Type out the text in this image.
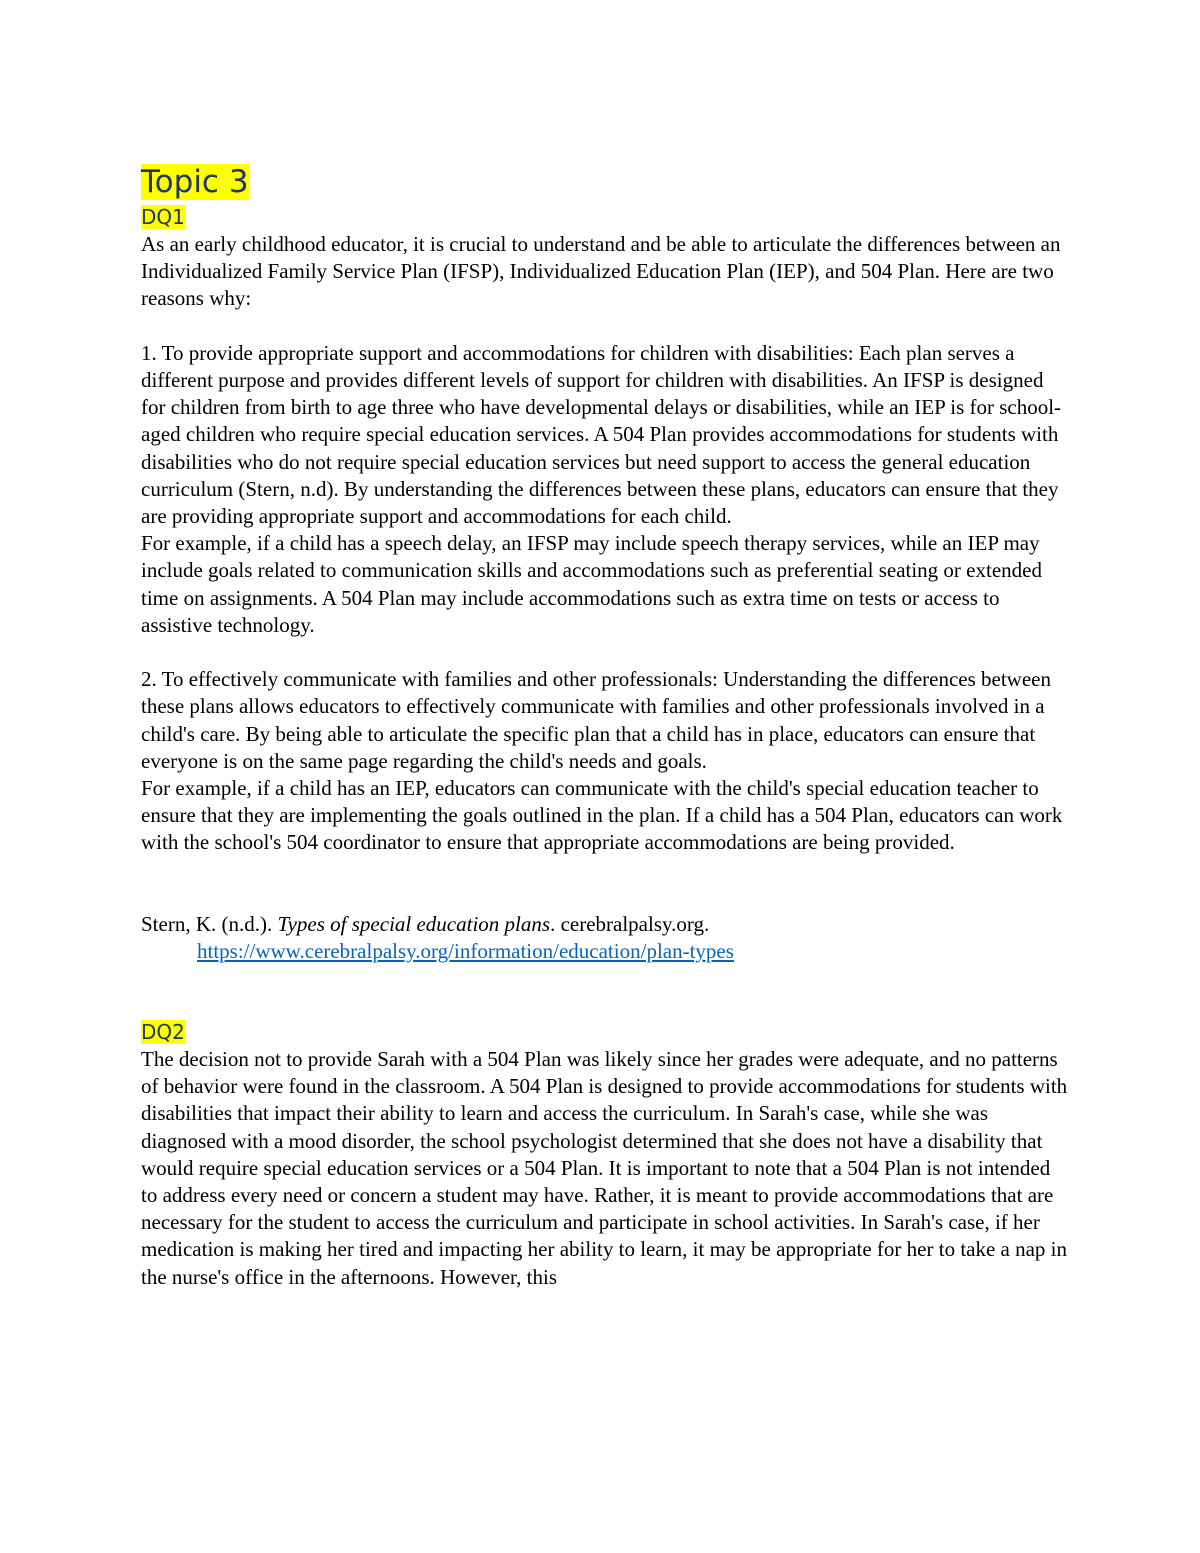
Topic 3
DQ1

As an early childhood educator, it is crucial to understand and be able to articulate the differences between an Individualized Family Service Plan (IFSP), Individualized Education Plan (IEP), and 504 Plan. Here are two reasons why:

1. To provide appropriate support and accommodations for children with disabilities: Each plan serves a different purpose and provides different levels of support for children with disabilities. An IFSP is designed for children from birth to age three who have developmental delays or disabilities, while an IEP is for school-aged children who require special education services. A 504 Plan provides accommodations for students with disabilities who do not require special education services but need support to access the general education curriculum (Stern, n.d). By understanding the differences between these plans, educators can ensure that they are providing appropriate support and accommodations for each child.

For example, if a child has a speech delay, an IFSP may include speech therapy services, while an IEP may include goals related to communication skills and accommodations such as preferential seating or extended time on assignments. A 504 Plan may include accommodations such as extra time on tests or access to assistive technology.

2. To effectively communicate with families and other professionals: Understanding the differences between these plans allows educators to effectively communicate with families and other professionals involved in a child's care. By being able to articulate the specific plan that a child has in place, educators can ensure that everyone is on the same page regarding the child's needs and goals.

For example, if a child has an IEP, educators can communicate with the child's special education teacher to ensure that they are implementing the goals outlined in the plan. If a child has a 504 Plan, educators can work with the school's 504 coordinator to ensure that appropriate accommodations are being provided.

Stern, K. (n.d.). Types of special education plans. cerebralpalsy.org.

https://www.cerebralpalsy.org/information/education/plan-types

DQ2

The decision not to provide Sarah with a 504 Plan was likely since her grades were adequate, and no patterns of behavior were found in the classroom. A 504 Plan is designed to provide accommodations for students with disabilities that impact their ability to learn and access the curriculum. In Sarah's case, while she was diagnosed with a mood disorder, the school psychologist determined that she does not have a disability that would require special education services or a 504 Plan. It is important to note that a 504 Plan is not intended to address every need or concern a student may have. Rather, it is meant to provide accommodations that are necessary for the student to access the curriculum and participate in school activities. In Sarah's case, if her medication is making her tired and impacting her ability to learn, it may be appropriate for her to take a nap in the nurse's office in the afternoons. However, this
